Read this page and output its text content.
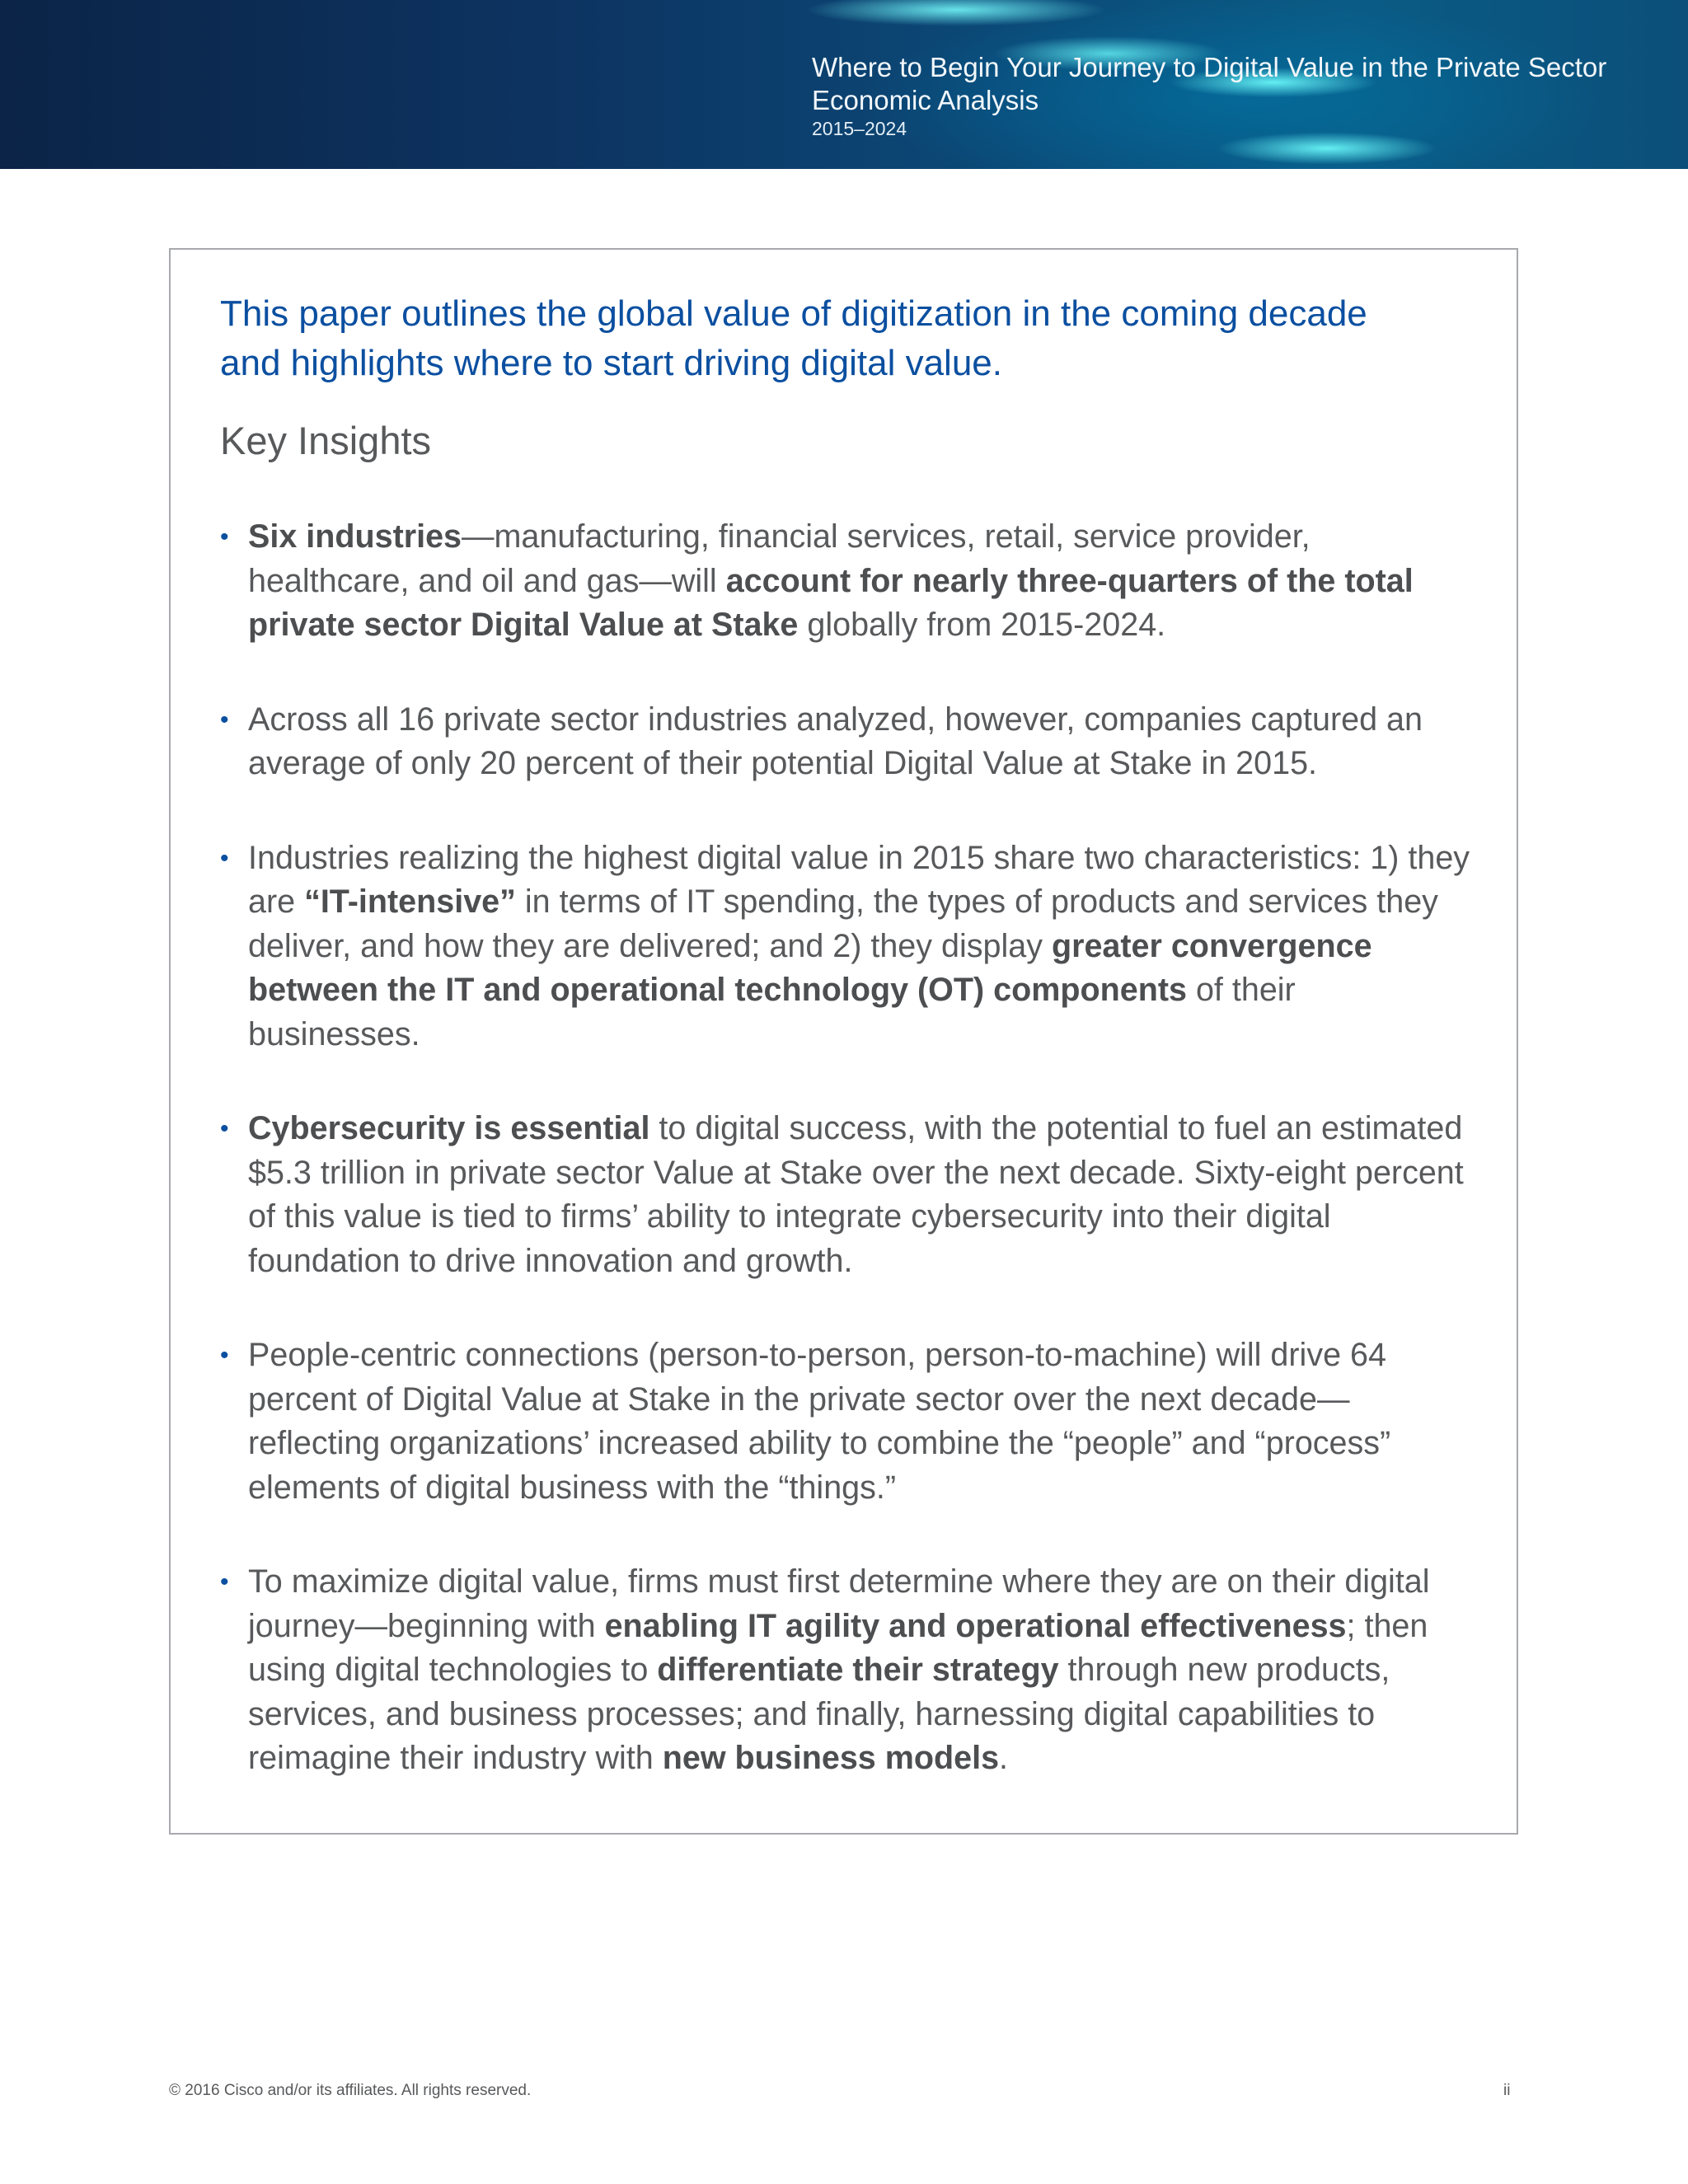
Where to Begin Your Journey to Digital Value in the Private Sector
Economic Analysis
2015–2024
This paper outlines the global value of digitization in the coming decade and highlights where to start driving digital value.
Key Insights
• Six industries—manufacturing, financial services, retail, service provider, healthcare, and oil and gas—will account for nearly three-quarters of the total private sector Digital Value at Stake globally from 2015-2024.
• Across all 16 private sector industries analyzed, however, companies captured an average of only 20 percent of their potential Digital Value at Stake in 2015.
• Industries realizing the highest digital value in 2015 share two characteristics: 1) they are “IT-intensive” in terms of IT spending, the types of products and services they deliver, and how they are delivered; and 2) they display greater convergence between the IT and operational technology (OT) components of their businesses.
• Cybersecurity is essential to digital success, with the potential to fuel an estimated $5.3 trillion in private sector Value at Stake over the next decade. Sixty-eight percent of this value is tied to firms’ ability to integrate cybersecurity into their digital foundation to drive innovation and growth.
• People-centric connections (person-to-person, person-to-machine) will drive 64 percent of Digital Value at Stake in the private sector over the next decade—reflecting organizations’ increased ability to combine the “people” and “process” elements of digital business with the “things.”
• To maximize digital value, firms must first determine where they are on their digital journey—beginning with enabling IT agility and operational effectiveness; then using digital technologies to differentiate their strategy through new products, services, and business processes; and finally, harnessing digital capabilities to reimagine their industry with new business models.
© 2016 Cisco and/or its affiliates. All rights reserved.	ii
